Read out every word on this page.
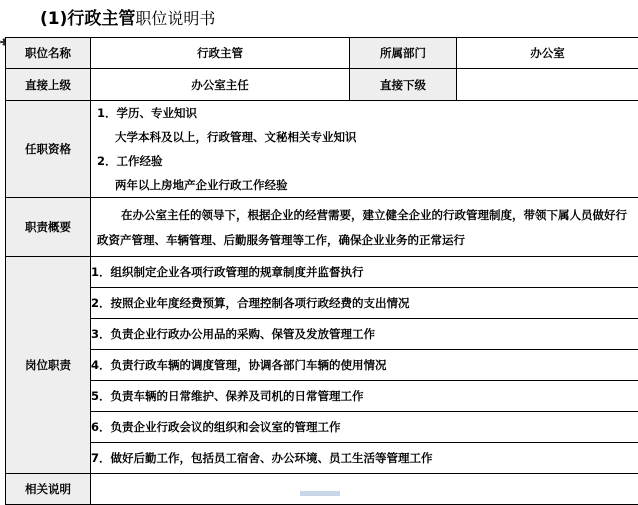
(1) 行政主管 职位说明书
职位名称	行政主管	所属部门	办公室
直接上级	办公室主任	直接下级	
任职资格	1．学历、专业知识
大学本科及以上，行政管理、文秘相关专业知识
2．工作经验
两年以上房地产企业行政工作经验		

职责概要	在办公室主任的领导下，根据企业的经营需要，建立健全企业的行政管理制度，带领下属人员做好行政资产管理、车辆管理、后勤服务管理等工作，确保企业业务的正常运行		

岗位职责	1．组织制定企业各项行政管理的规章制度并监督执行		
	2．按照企业年度经费预算，合理控制各项行政经费的支出情况		
	3．负责企业行政办公用品的采购、保管及发放管理工作		
	4．负责行政车辆的调度管理，协调各部门车辆的使用情况		
	5．负责车辆的日常维护、保养及司机的日常管理工作		
	6．负责企业行政会议的组织和会议室的管理工作		
	7．做好后勤工作，包括员工宿舍、办公环境、员工生活等管理工作		
相关说明			
